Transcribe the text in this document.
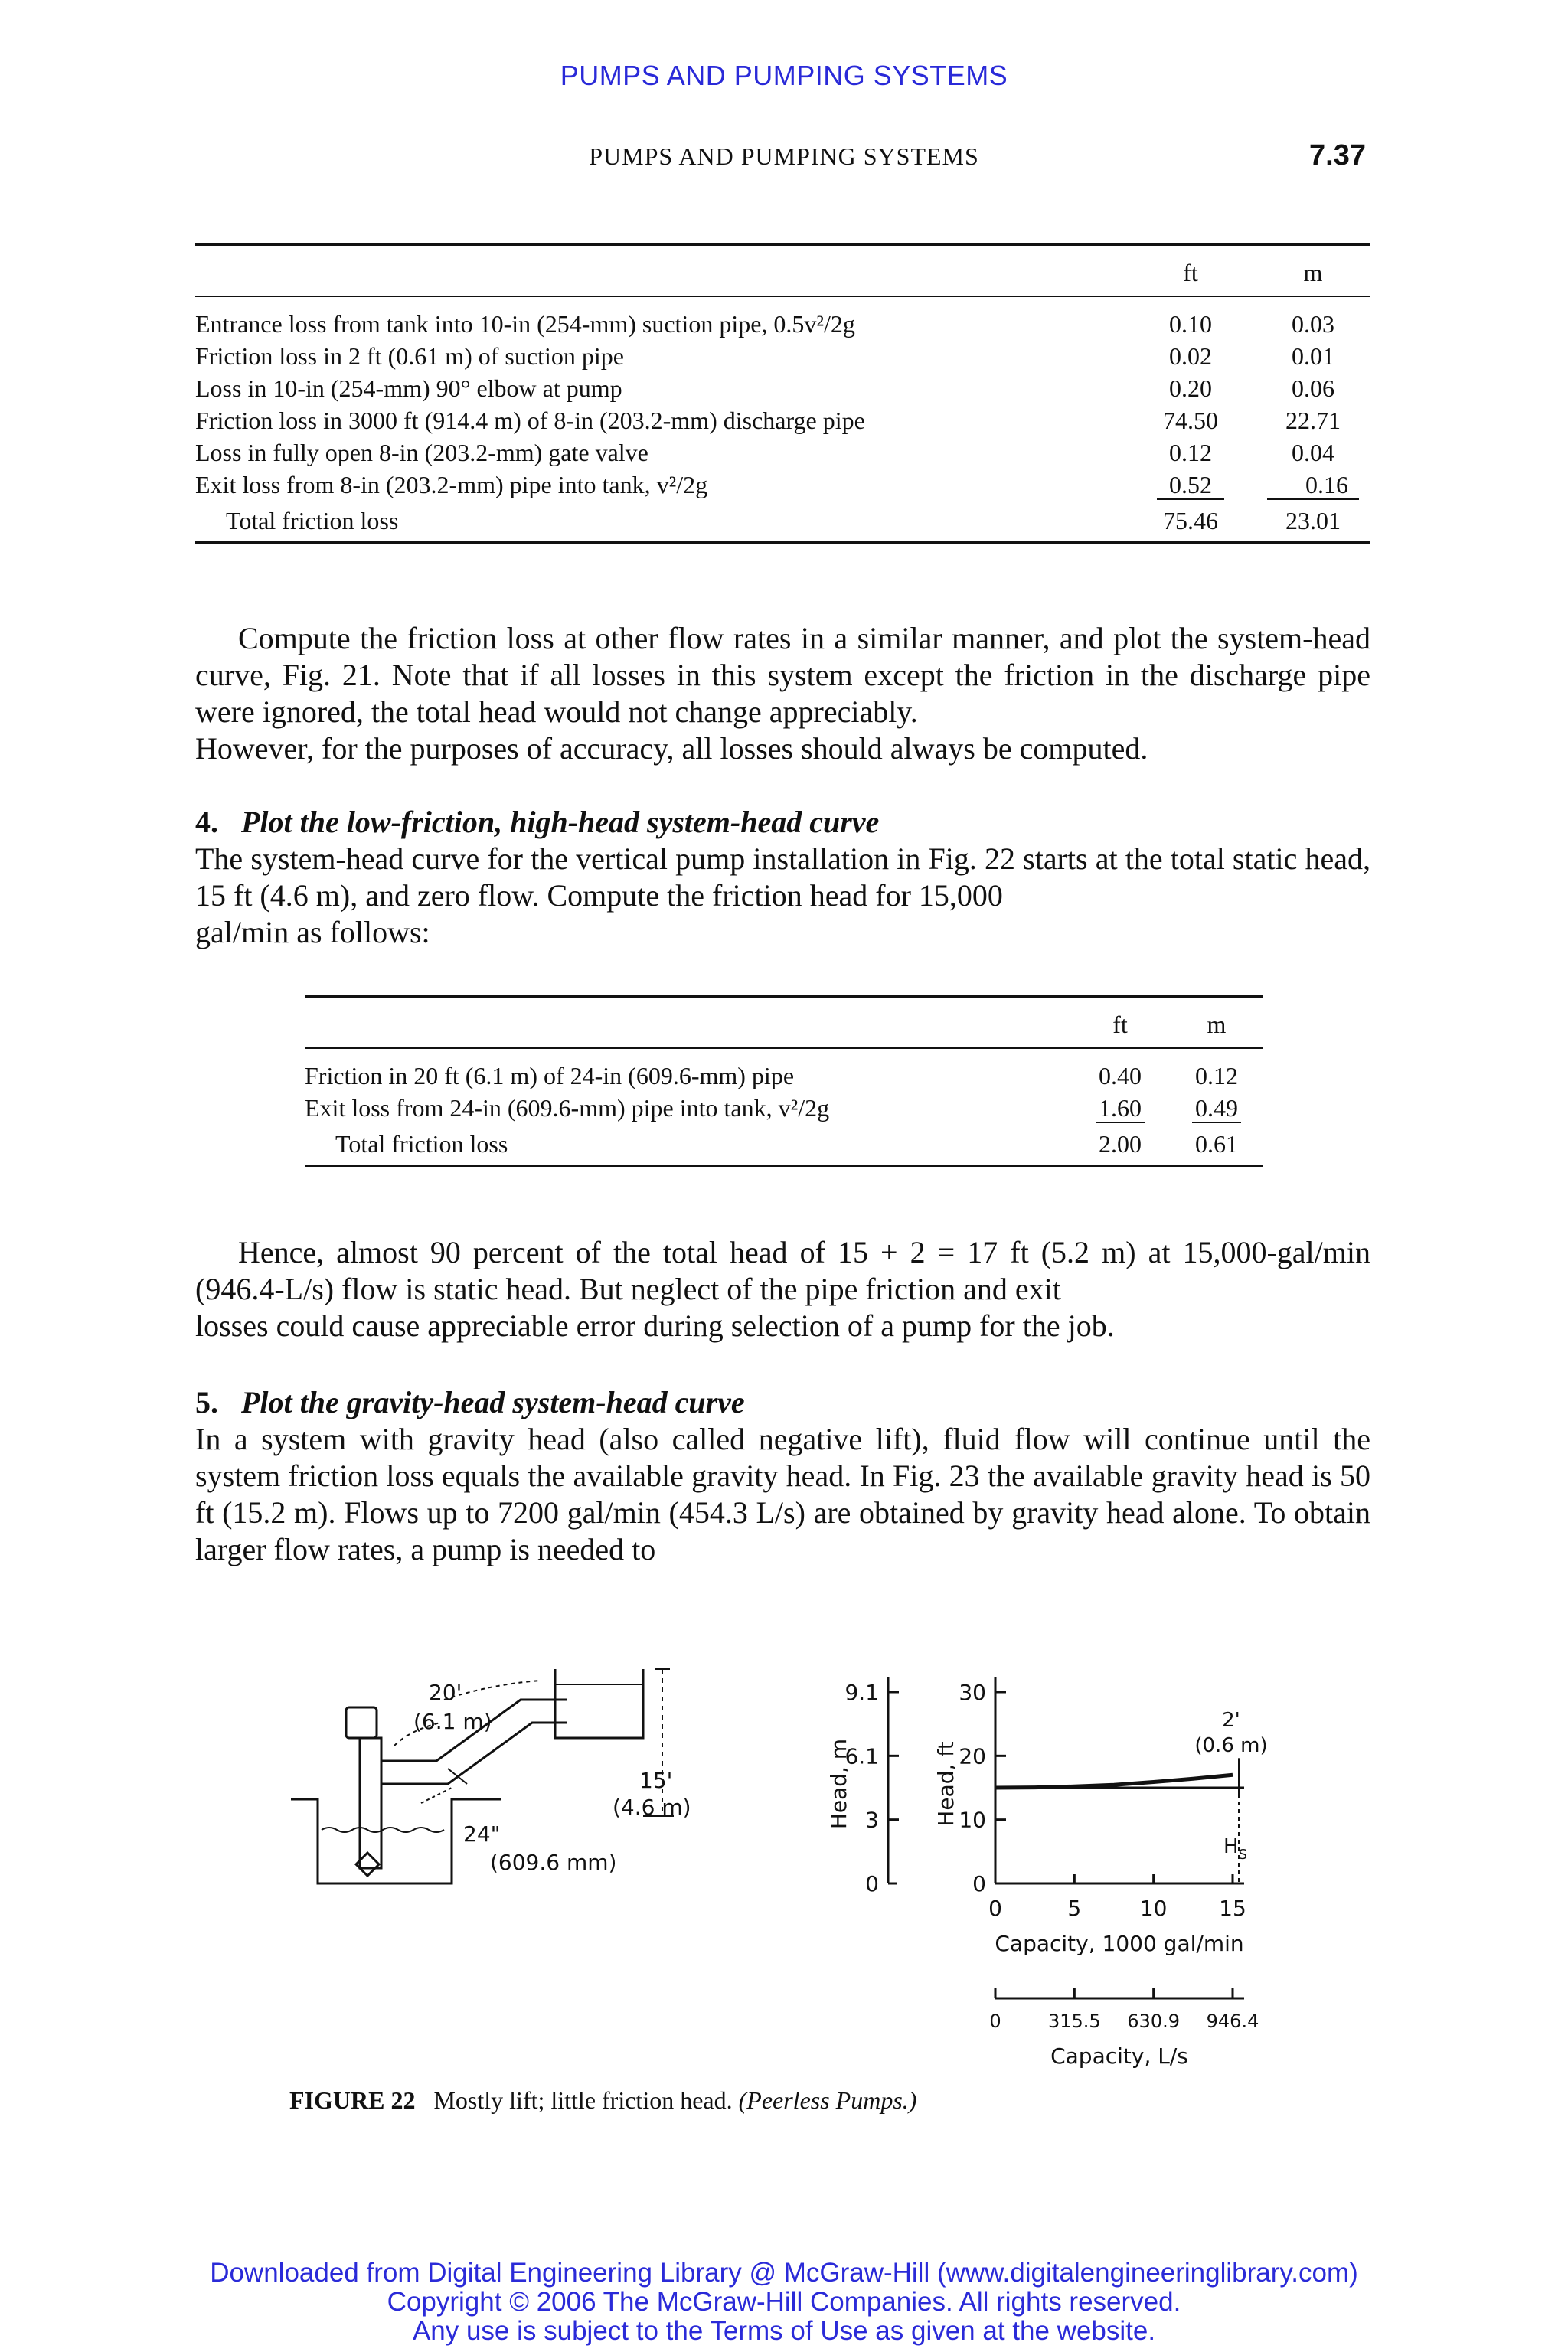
PUMPS AND PUMPING SYSTEMS
PUMPS AND PUMPING SYSTEMS	7.37

	ft	m

Entrance loss from tank into 10-in (254-mm) suction pipe, 0.5v²/2g	0.10	0.03
Friction loss in 2 ft (0.61 m) of suction pipe	0.02	0.01
Loss in 10-in (254-mm) 90° elbow at pump	0.20	0.06
Friction loss in 3000 ft (914.4 m) of 8-in (203.2-mm) discharge pipe	74.50	22.71
Loss in fully open 8-in (203.2-mm) gate valve	0.12	0.04
Exit loss from 8-in (203.2-mm) pipe into tank, v²/2g	0.52	0.16
Total friction loss	75.46	23.01

Compute the friction loss at other flow rates in a similar manner, and plot the system-head curve, Fig. 21. Note that if all losses in this system except the friction in the discharge pipe were ignored, the total head would not change appreciably.
However, for the purposes of accuracy, all losses should always be computed.
4. Plot the low-friction, high-head system-head curve
The system-head curve for the vertical pump installation in Fig. 22 starts at the total static head, 15 ft (4.6 m), and zero flow. Compute the friction head for 15,000
gal/min as follows:

	ft	m

Friction in 20 ft (6.1 m) of 24-in (609.6-mm) pipe	0.40	0.12
Exit loss from 24-in (609.6-mm) pipe into tank, v²/2g	1.60	0.49
Total friction loss	2.00	0.61

Hence, almost 90 percent of the total head of 15 + 2 = 17 ft (5.2 m) at 15,000-gal/min (946.4-L/s) flow is static head. But neglect of the pipe friction and exit
losses could cause appreciable error during selection of a pump for the job.
5. Plot the gravity-head system-head curve
In a system with gravity head (also called negative lift), fluid flow will continue until the system friction loss equals the available gravity head. In Fig. 23 the available gravity head is 50 ft (15.2 m). Flows up to 7200 gal/min (454.3 L/s) are obtained by gravity head alone. To obtain larger flow rates, a pump is needed to
20'
(6.1 m)
15'
(4.6 m)
24"
(609.6 mm)
0
10
20
30
0
3
6.1
9.1
0	5	10 15
0	315.5 630.9 946.4
Head, m	Head, ft
Capacity, 1000 gal/min
Capacity, L/s
2'
(0.6 m)
$H_S$
FIGURE 22 Mostly lift; little friction head. (Peerless Pumps.)
Downloaded from Digital Engineering Library @ McGraw-Hill (www.digitalengineeringlibrary.com)
Copyright © 2006 The McGraw-Hill Companies. All rights reserved.
Any use is subject to the Terms of Use as given at the website.
